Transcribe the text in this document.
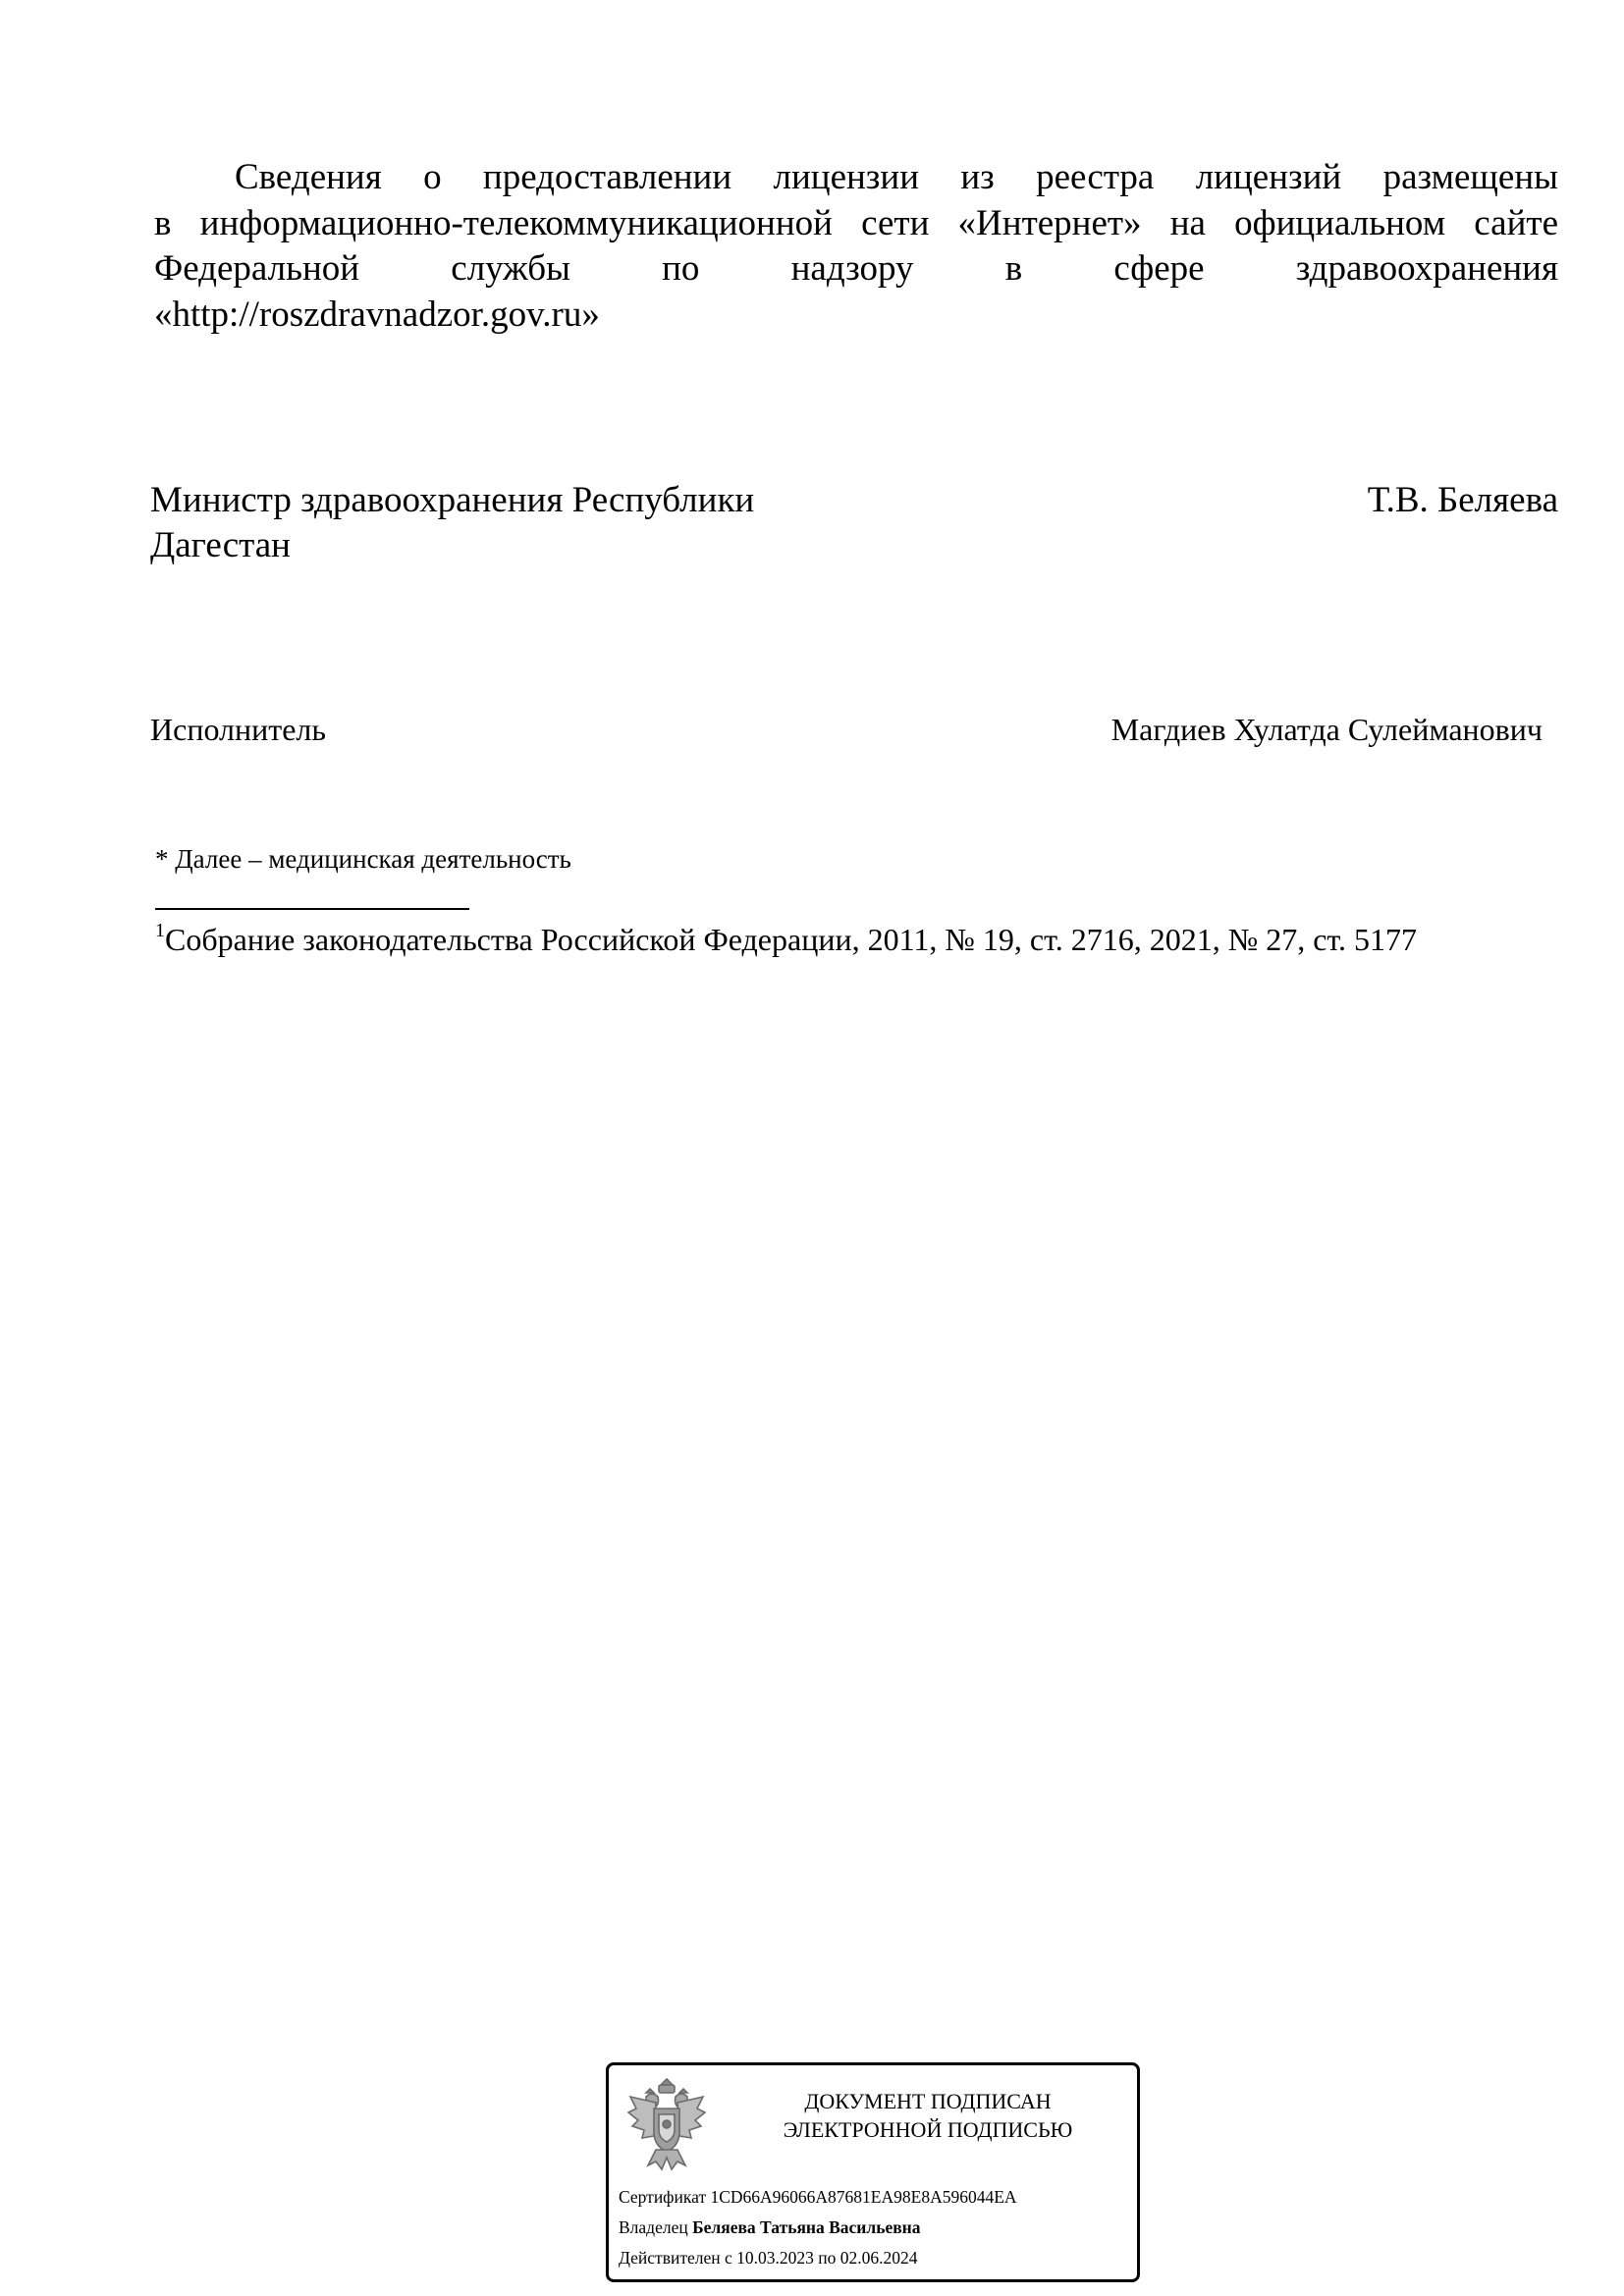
Сведения о предоставлении лицензии из реестра лицензий размещены
в информационно-телекоммуникационной сети «Интернет» на официальном сайте
Федеральной службы по надзору в сфере здравоохранения
«http://roszdravnadzor.gov.ru»
Министр здравоохранения Республики
Дагестан
Т.В. Беляева
Исполнитель	Магдиев Хулатда Сулейманович
* Далее – медицинская деятельность
$^1$Собрание законодательства Российской Федерации, 2011, № 19, ст. 2716, 2021, № 27, ст. 5177
ДОКУМЕНТ ПОДПИСАН
ЭЛЕКТРОННОЙ ПОДПИСЬЮ
Сертификат 1CD66A96066A87681EA98E8A596044EA
Владелец Беляева Татьяна Васильевна
Действителен с 10.03.2023 по 02.06.2024
